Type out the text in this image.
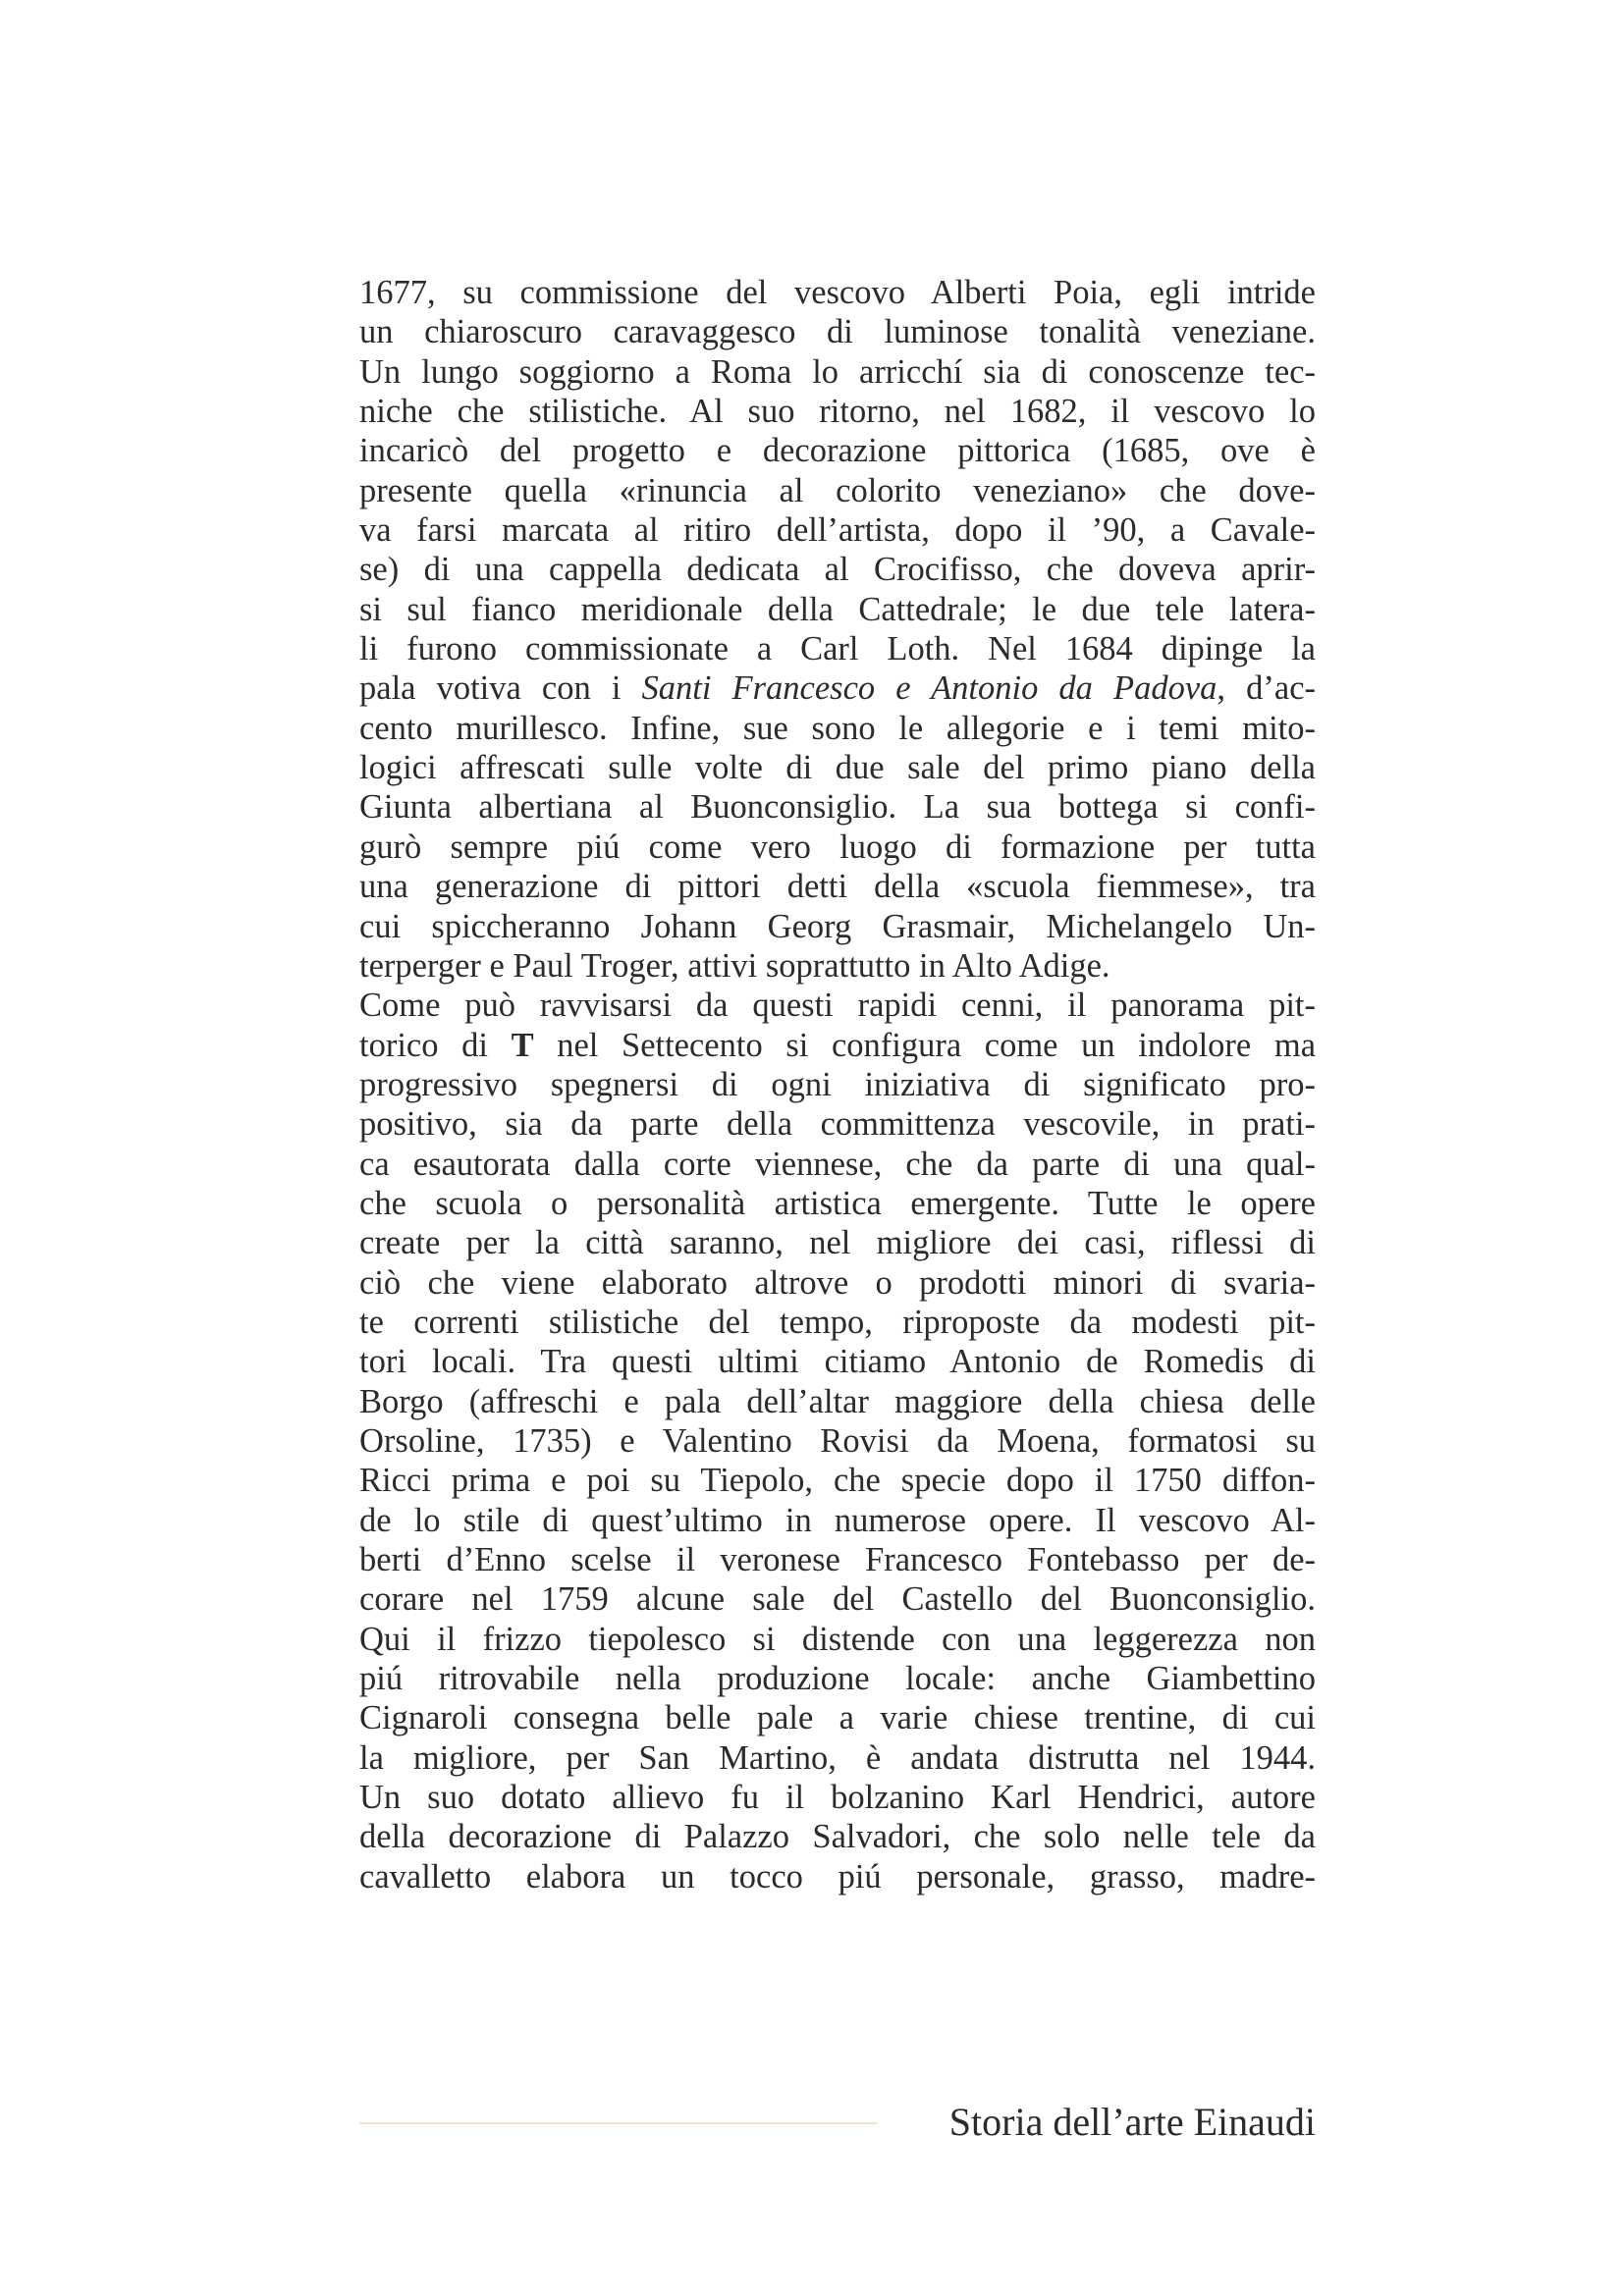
1677, su commissione del vescovo Alberti Poia, egli intride
un chiaroscuro caravaggesco di luminose tonalità veneziane.
Un lungo soggiorno a Roma lo arricchí sia di conoscenze tec-
niche che stilistiche. Al suo ritorno, nel 1682, il vescovo lo
incaricò del progetto e decorazione pittorica (1685, ove è
presente quella «rinuncia al colorito veneziano» che dove-
va farsi marcata al ritiro dell’artista, dopo il ’90, a Cavale-
se) di una cappella dedicata al Crocifisso, che doveva aprir-
si sul fianco meridionale della Cattedrale; le due tele latera-
li furono commissionate a Carl Loth. Nel 1684 dipinge la
pala votiva con i Santi Francesco e Antonio da Padova, d’ac-
cento murillesco. Infine, sue sono le allegorie e i temi mito-
logici affrescati sulle volte di due sale del primo piano della
Giunta albertiana al Buonconsiglio. La sua bottega si confi-
gurò sempre piú come vero luogo di formazione per tutta
una generazione di pittori detti della «scuola fiemmese», tra
cui spiccheranno Johann Georg Grasmair, Michelangelo Un-
terperger e Paul Troger, attivi soprattutto in Alto Adige.
Come può ravvisarsi da questi rapidi cenni, il panorama pit-
torico di T nel Settecento si configura come un indolore ma
progressivo spegnersi di ogni iniziativa di significato pro-
positivo, sia da parte della committenza vescovile, in prati-
ca esautorata dalla corte viennese, che da parte di una qual-
che scuola o personalità artistica emergente. Tutte le opere
create per la città saranno, nel migliore dei casi, riflessi di
ciò che viene elaborato altrove o prodotti minori di svaria-
te correnti stilistiche del tempo, riproposte da modesti pit-
tori locali. Tra questi ultimi citiamo Antonio de Romedis di
Borgo (affreschi e pala dell’altar maggiore della chiesa delle
Orsoline, 1735) e Valentino Rovisi da Moena, formatosi su
Ricci prima e poi su Tiepolo, che specie dopo il 1750 diffon-
de lo stile di quest’ultimo in numerose opere. Il vescovo Al-
berti d’Enno scelse il veronese Francesco Fontebasso per de-
corare nel 1759 alcune sale del Castello del Buonconsiglio.
Qui il frizzo tiepolesco si distende con una leggerezza non
piú ritrovabile nella produzione locale: anche Giambettino
Cignaroli consegna belle pale a varie chiese trentine, di cui
la migliore, per San Martino, è andata distrutta nel 1944.
Un suo dotato allievo fu il bolzanino Karl Hendrici, autore
della decorazione di Palazzo Salvadori, che solo nelle tele da
cavalletto elabora un tocco piú personale, grasso, madre-
Storia dell’arte Einaudi
